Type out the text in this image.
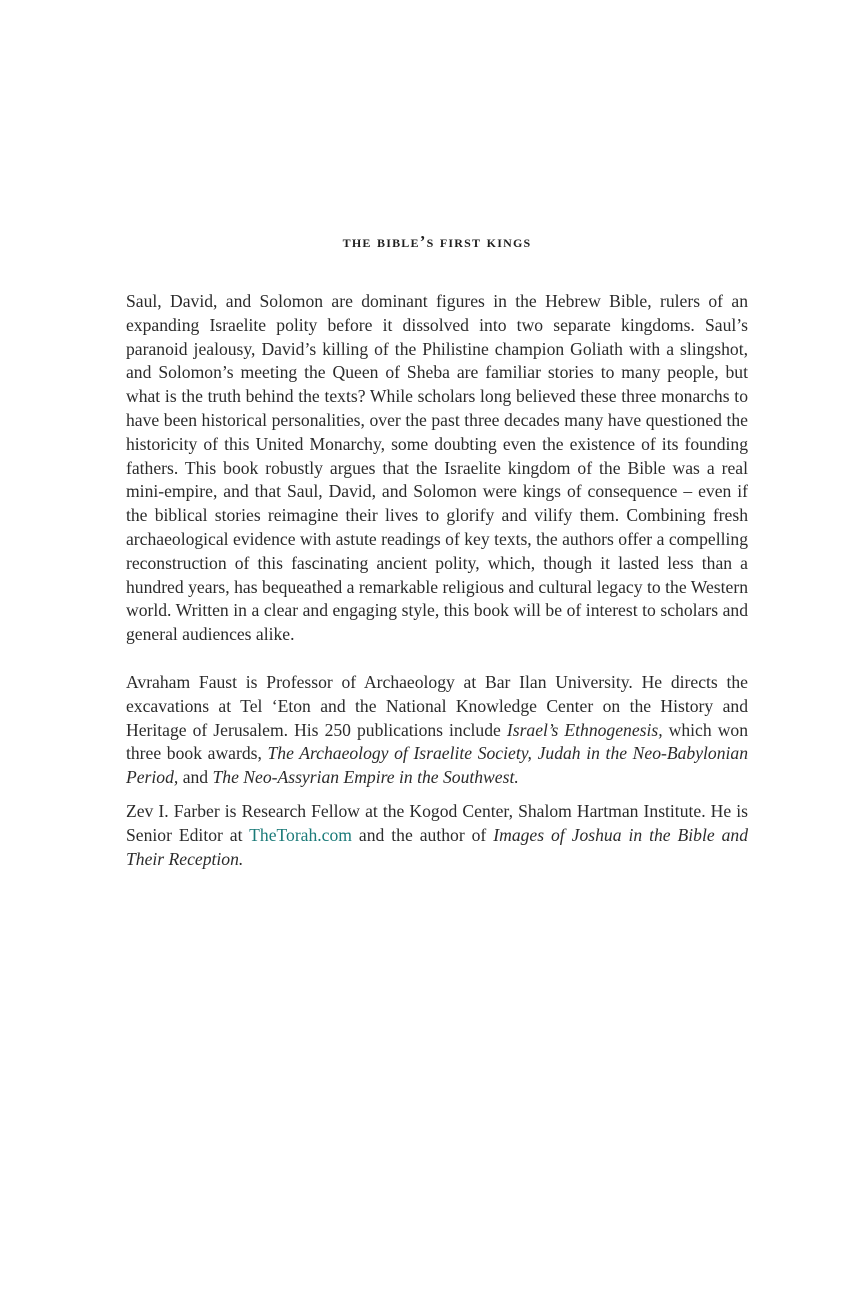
the bible’s first kings

Saul, David, and Solomon are dominant figures in the Hebrew Bible, rulers of an expanding Israelite polity before it dissolved into two separate kingdoms. Saul’s paranoid jealousy, David’s killing of the Philistine champion Goliath with a slingshot, and Solomon’s meeting the Queen of Sheba are familiar stories to many people, but what is the truth behind the texts? While scholars long believed these three monarchs to have been historical personalities, over the past three decades many have questioned the historicity of this United Monarchy, some doubting even the existence of its founding fathers. This book robustly argues that the Israelite kingdom of the Bible was a real mini-empire, and that Saul, David, and Solomon were kings of consequence – even if the biblical stories reimagine their lives to glorify and vilify them. Combining fresh archaeological evidence with astute readings of key texts, the authors offer a compelling reconstruction of this fascinating ancient polity, which, though it lasted less than a hundred years, has bequeathed a remarkable religious and cultural legacy to the Western world. Written in a clear and engaging style, this book will be of interest to scholars and general audiences alike.

Avraham Faust is Professor of Archaeology at Bar Ilan University. He directs the excavations at Tel ‘Eton and the National Knowledge Center on the History and Heritage of Jerusalem. His 250 publications include Israel’s Ethnogenesis, which won three book awards, The Archaeology of Israelite Society, Judah in the Neo-Babylonian Period, and The Neo-Assyrian Empire in the Southwest.

Zev I. Farber is Research Fellow at the Kogod Center, Shalom Hartman Institute. He is Senior Editor at TheTorah.com and the author of Images of Joshua in the Bible and Their Reception.
